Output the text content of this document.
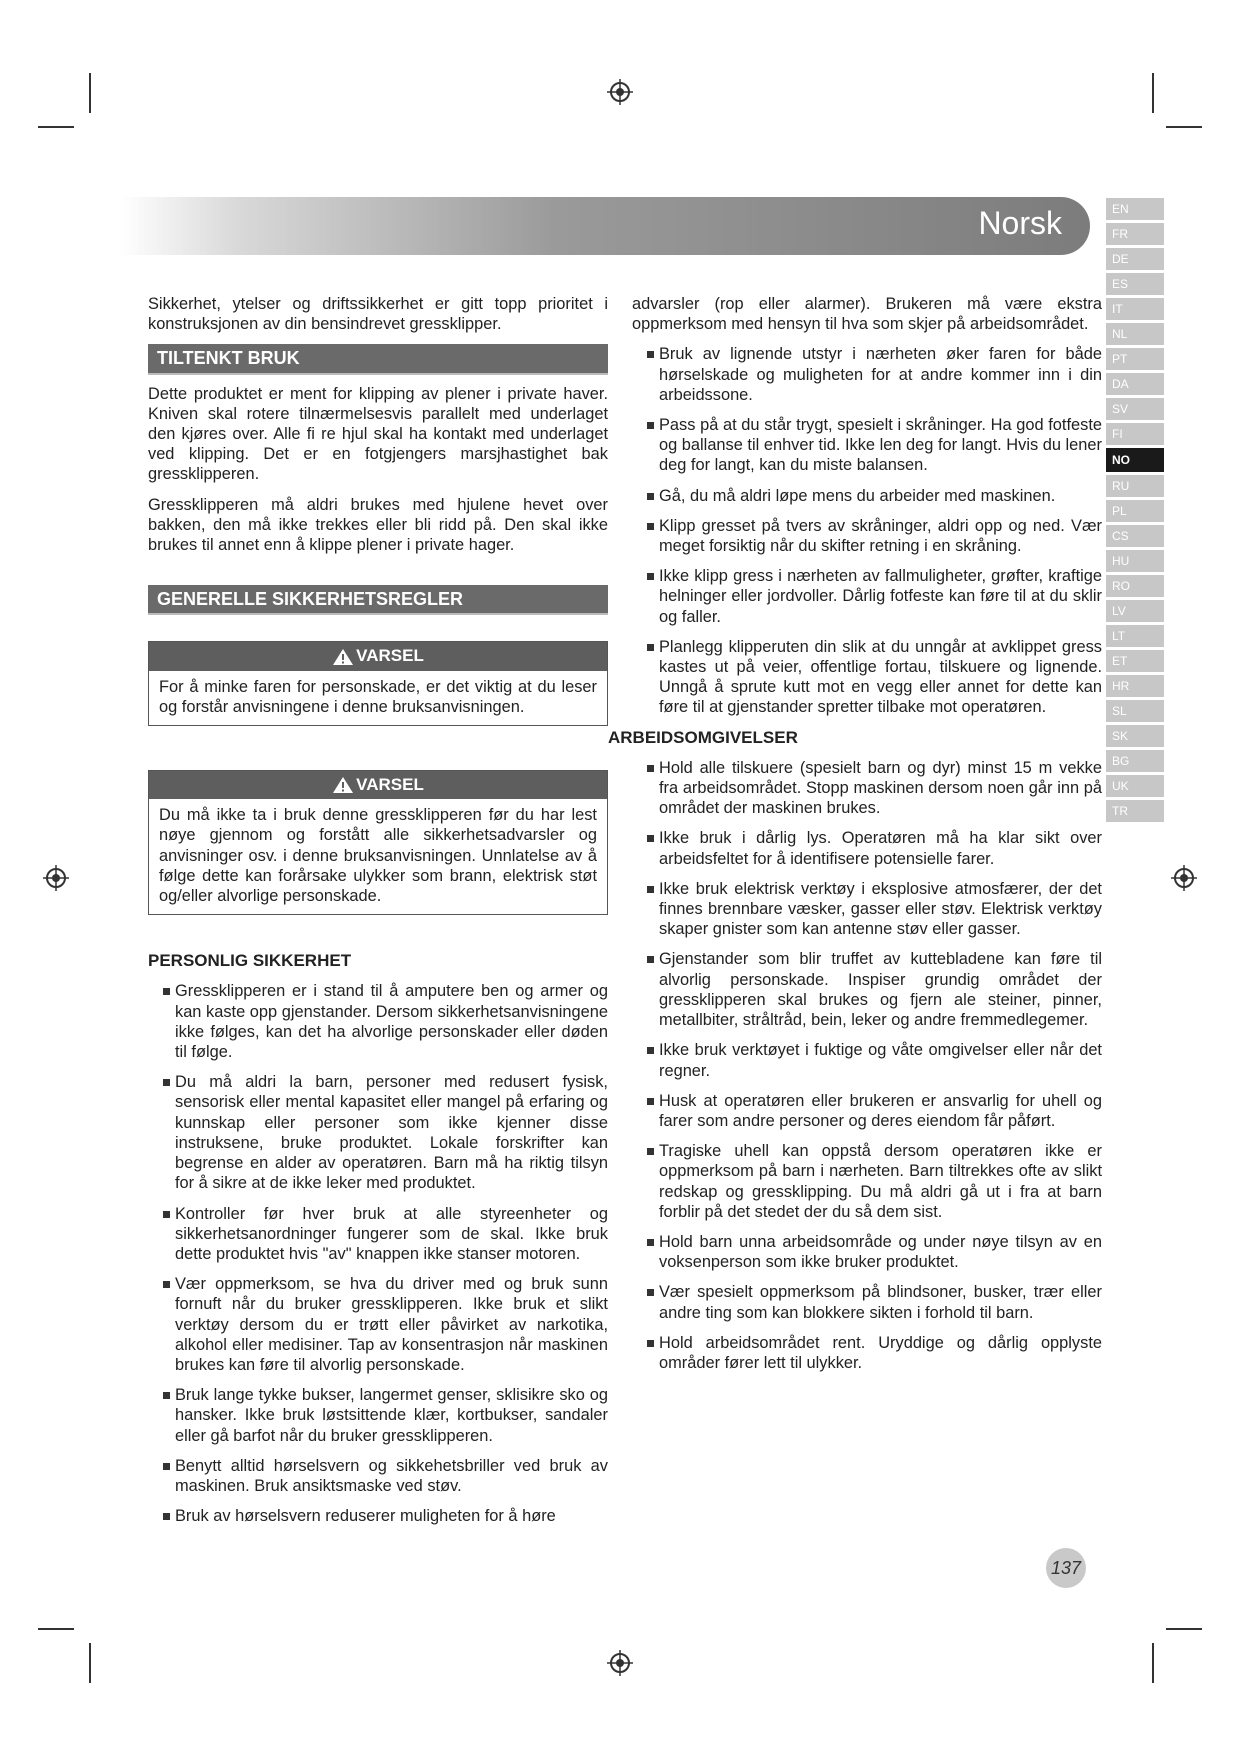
Norsk	EN
FR
DE
ES
IT
NL
PT
DA
SV
FI
NO
RU
PL
CS
HU
RO
LV
LT
ET
HR
SL
SK
BG
UK
TR

Sikkerhet, ytelser og driftssikkerhet er gitt topp prioritet i konstruksjonen av din bensindrevet gressklipper.

TILTENKT BRUK

Dette produktet er ment for klipping av plener i private haver. Kniven skal rotere tilnærmelsesvis parallelt med underlaget den kjøres over. Alle fi re hjul skal ha kontakt med underlaget ved klipping. Det er en fotgjengers marsjhastighet bak gressklipperen.

Gressklipperen må aldri brukes med hjulene hevet over bakken, den må ikke trekkes eller bli ridd på. Den skal ikke brukes til annet enn å klippe plener i private hager.

GENERELLE SIKKERHETSREGLER
VARSEL
For å minke faren for personskade, er det viktig at du leser og forstår anvisningene i denne bruksanvisningen.
VARSEL
Du må ikke ta i bruk denne gressklipperen før du har lest nøye gjennom og forstått alle sikkerhetsadvarsler og anvisninger osv. i denne bruksanvisningen. Unnlatelse av å følge dette kan forårsake ulykker som brann, elektrisk støt og/eller alvorlige personskade.
PERSONLIG SIKKERHET
Gressklipperen er i stand til å amputere ben og armer og kan kaste opp gjenstander. Dersom sikkerhetsanvisningene ikke følges, kan det ha alvorlige personskader eller døden til følge.
Du må aldri la barn, personer med redusert fysisk, sensorisk eller mental kapasitet eller mangel på erfaring og kunnskap eller personer som ikke kjenner disse instruksene, bruke produktet. Lokale forskrifter kan begrense en alder av operatøren. Barn må ha riktig tilsyn for å sikre at de ikke leker med produktet.
Kontroller før hver bruk at alle styreenheter og sikkerhetsanordninger fungerer som de skal. Ikke bruk dette produktet hvis "av" knappen ikke stanser motoren.
Vær oppmerksom, se hva du driver med og bruk sunn fornuft når du bruker gressklipperen. Ikke bruk et slikt verktøy dersom du er trøtt eller påvirket av narkotika, alkohol eller medisiner. Tap av konsentrasjon når maskinen brukes kan føre til alvorlig personskade.
Bruk lange tykke bukser, langermet genser, sklisikre sko og hansker. Ikke bruk løstsittende klær, kortbukser, sandaler eller gå barfot når du bruker gressklipperen.
Benytt alltid hørselsvern og sikkehetsbriller ved bruk av maskinen. Bruk ansiktsmaske ved støv.
Bruk av hørselsvern reduserer muligheten for å høre

advarsler (rop eller alarmer). Brukeren må være ekstra oppmerksom med hensyn til hva som skjer på arbeidsområdet.

Bruk av lignende utstyr i nærheten øker faren for både hørselskade og muligheten for at andre kommer inn i din arbeidssone.
Pass på at du står trygt, spesielt i skråninger. Ha god fotfeste og ballanse til enhver tid. Ikke len deg for langt. Hvis du lener deg for langt, kan du miste balansen.
Gå, du må aldri løpe mens du arbeider med maskinen.
Klipp gresset på tvers av skråninger, aldri opp og ned. Vær meget forsiktig når du skifter retning i en skråning.
Ikke klipp gress i nærheten av fallmuligheter, grøfter, kraftige helninger eller jordvoller. Dårlig fotfeste kan føre til at du sklir og faller.
Planlegg klipperuten din slik at du unngår at avklippet gress kastes ut på veier, offentlige fortau, tilskuere og lignende. Unngå å sprute kutt mot en vegg eller annet for dette kan føre til at gjenstander spretter tilbake mot operatøren.
ARBEIDSOMGIVELSER
Hold alle tilskuere (spesielt barn og dyr) minst 15 m vekke fra arbeidsområdet. Stopp maskinen dersom noen går inn på området der maskinen brukes.
Ikke bruk i dårlig lys. Operatøren må ha klar sikt over arbeidsfeltet for å identifisere potensielle farer.
Ikke bruk elektrisk verktøy i eksplosive atmosfærer, der det finnes brennbare væsker, gasser eller støv. Elektrisk verktøy skaper gnister som kan antenne støv eller gasser.
Gjenstander som blir truffet av kuttebladene kan føre til alvorlig personskade. Inspiser grundig området der gressklipperen skal brukes og fjern ale steiner, pinner, metallbiter, stråltråd, bein, leker og andre fremmedlegemer.
Ikke bruk verktøyet i fuktige og våte omgivelser eller når det regner.
Husk at operatøren eller brukeren er ansvarlig for uhell og farer som andre personer og deres eiendom får påført.
Tragiske uhell kan oppstå dersom operatøren ikke er oppmerksom på barn i nærheten. Barn tiltrekkes ofte av slikt redskap og gressklipping. Du må aldri gå ut i fra at barn forblir på det stedet der du så dem sist.
Hold barn unna arbeidsområde og under nøye tilsyn av en voksenperson som ikke bruker produktet.
Vær spesielt oppmerksom på blindsoner, busker, trær eller andre ting som kan blokkere sikten i forhold til barn.
Hold arbeidsområdet rent. Uryddige og dårlig opplyste områder fører lett til ulykker.
137
